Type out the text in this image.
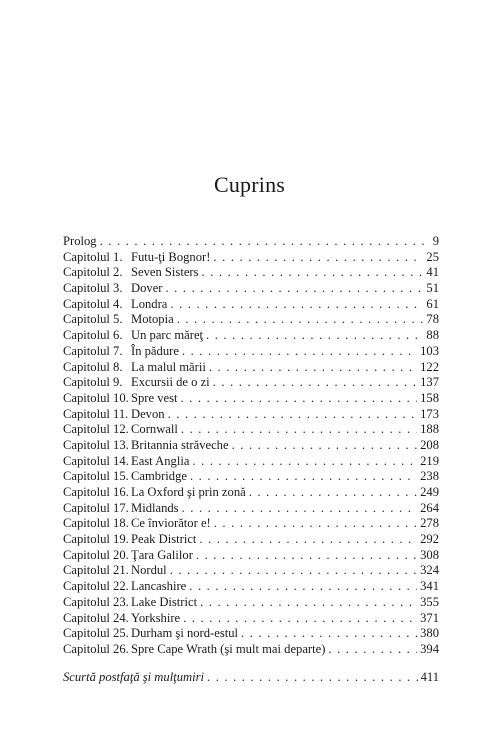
Cuprins
Prolog . . .	9
Capitolul 1. Futu-ţi Bognor! . . .	25
Capitolul 2. Seven Sisters . . .	41
Capitolul 3. Dover . . .	51
Capitolul 4. Londra . . .	61
Capitolul 5. Motopia . . .	78
Capitolul 6. Un parc măreţ . . .	88
Capitolul 7. În pădure . . .	103
Capitolul 8. La malul mării . . .	122
Capitolul 9. Excursii de o zi . . .	137
Capitolul 10. Spre vest . . .	158
Capitolul 11. Devon . . .	173
Capitolul 12. Cornwall . . .	188
Capitolul 13. Britannia străveche . . .	208
Capitolul 14. East Anglia . . .	219
Capitolul 15. Cambridge . . .	238
Capitolul 16. La Oxford şi prin zonă . . .	249
Capitolul 17. Midlands . . .	264
Capitolul 18. Ce înviorător e! . . .	278
Capitolul 19. Peak District . . .	292
Capitolul 20. Ţara Galilor . . .	308
Capitolul 21. Nordul . . .	324
Capitolul 22. Lancashire . . .	341
Capitolul 23. Lake District . . .	355
Capitolul 24. Yorkshire . . .	371
Capitolul 25. Durham şi nord-estul . . .	380
Capitolul 26. Spre Cape Wrath (şi mult mai departe) . . .	394
Scurtă postfaţă şi mulţumiri . . .	411
